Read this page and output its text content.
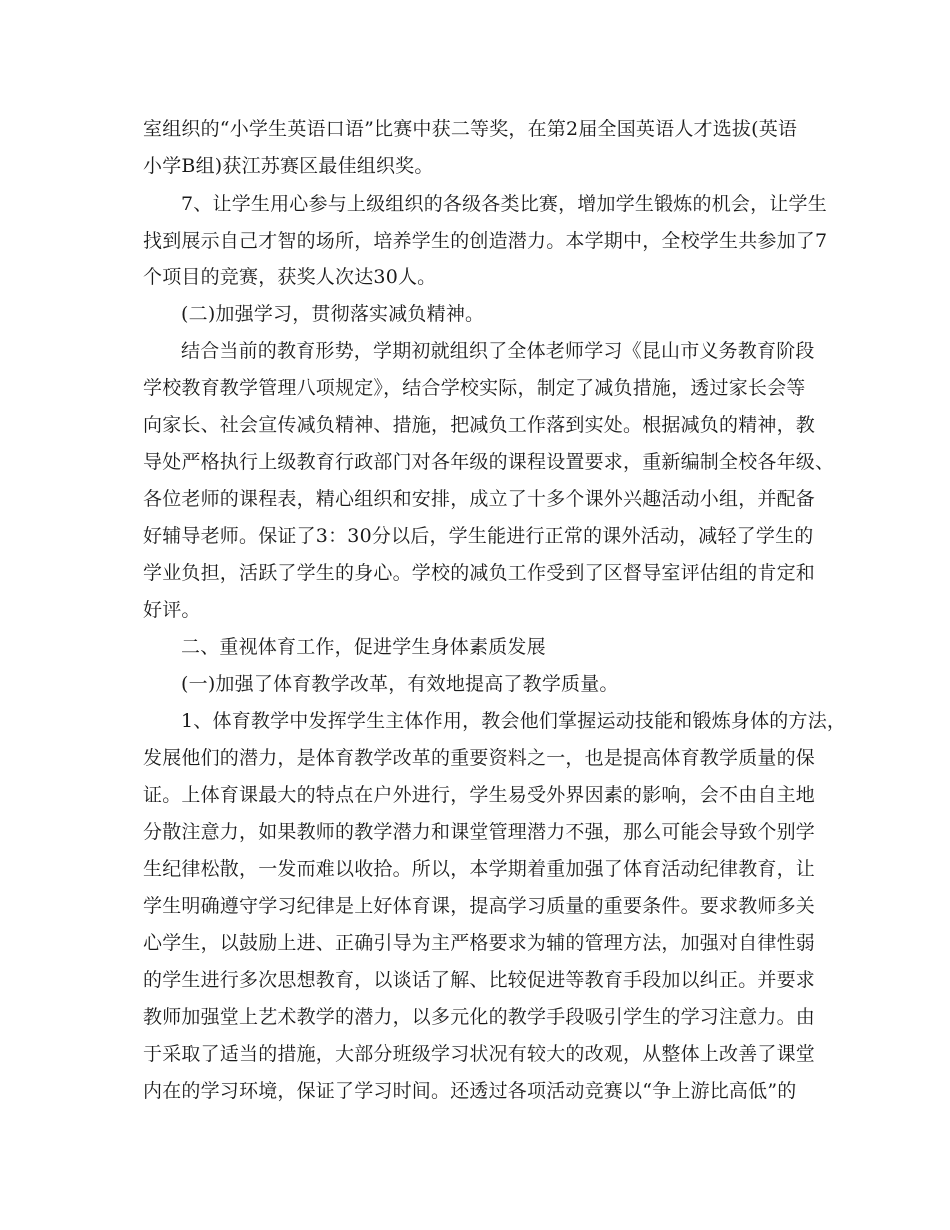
室组织的“小学生英语口语”比赛中获二等奖，在第2届全国英语人才选拔(英语
小学B组)获江苏赛区最佳组织奖。
7、让学生用心参与上级组织的各级各类比赛，增加学生锻炼的机会，让学生
找到展示自己才智的场所，培养学生的创造潜力。本学期中，全校学生共参加了7
个项目的竞赛，获奖人次达30人。
(二)加强学习，贯彻落实减负精神。
结合当前的教育形势，学期初就组织了全体老师学习《昆山市义务教育阶段
学校教育教学管理八项规定》，结合学校实际，制定了减负措施，透过家长会等
向家长、社会宣传减负精神、措施，把减负工作落到实处。根据减负的精神，教
导处严格执行上级教育行政部门对各年级的课程设置要求，重新编制全校各年级、
各位老师的课程表，精心组织和安排，成立了十多个课外兴趣活动小组，并配备
好辅导老师。保证了3：30分以后，学生能进行正常的课外活动，减轻了学生的
学业负担，活跃了学生的身心。学校的减负工作受到了区督导室评估组的肯定和
好评。
二、重视体育工作，促进学生身体素质发展
(一)加强了体育教学改革，有效地提高了教学质量。
1、体育教学中发挥学生主体作用，教会他们掌握运动技能和锻炼身体的方法，
发展他们的潜力，是体育教学改革的重要资料之一，也是提高体育教学质量的保
证。上体育课最大的特点在户外进行，学生易受外界因素的影响，会不由自主地
分散注意力，如果教师的教学潜力和课堂管理潜力不强，那么可能会导致个别学
生纪律松散，一发而难以收拾。所以，本学期着重加强了体育活动纪律教育，让
学生明确遵守学习纪律是上好体育课，提高学习质量的重要条件。要求教师多关
心学生，以鼓励上进、正确引导为主严格要求为辅的管理方法，加强对自律性弱
的学生进行多次思想教育，以谈话了解、比较促进等教育手段加以纠正。并要求
教师加强堂上艺术教学的潜力，以多元化的教学手段吸引学生的学习注意力。由
于采取了适当的措施，大部分班级学习状况有较大的改观，从整体上改善了课堂
内在的学习环境，保证了学习时间。还透过各项活动竞赛以“争上游比高低”的
